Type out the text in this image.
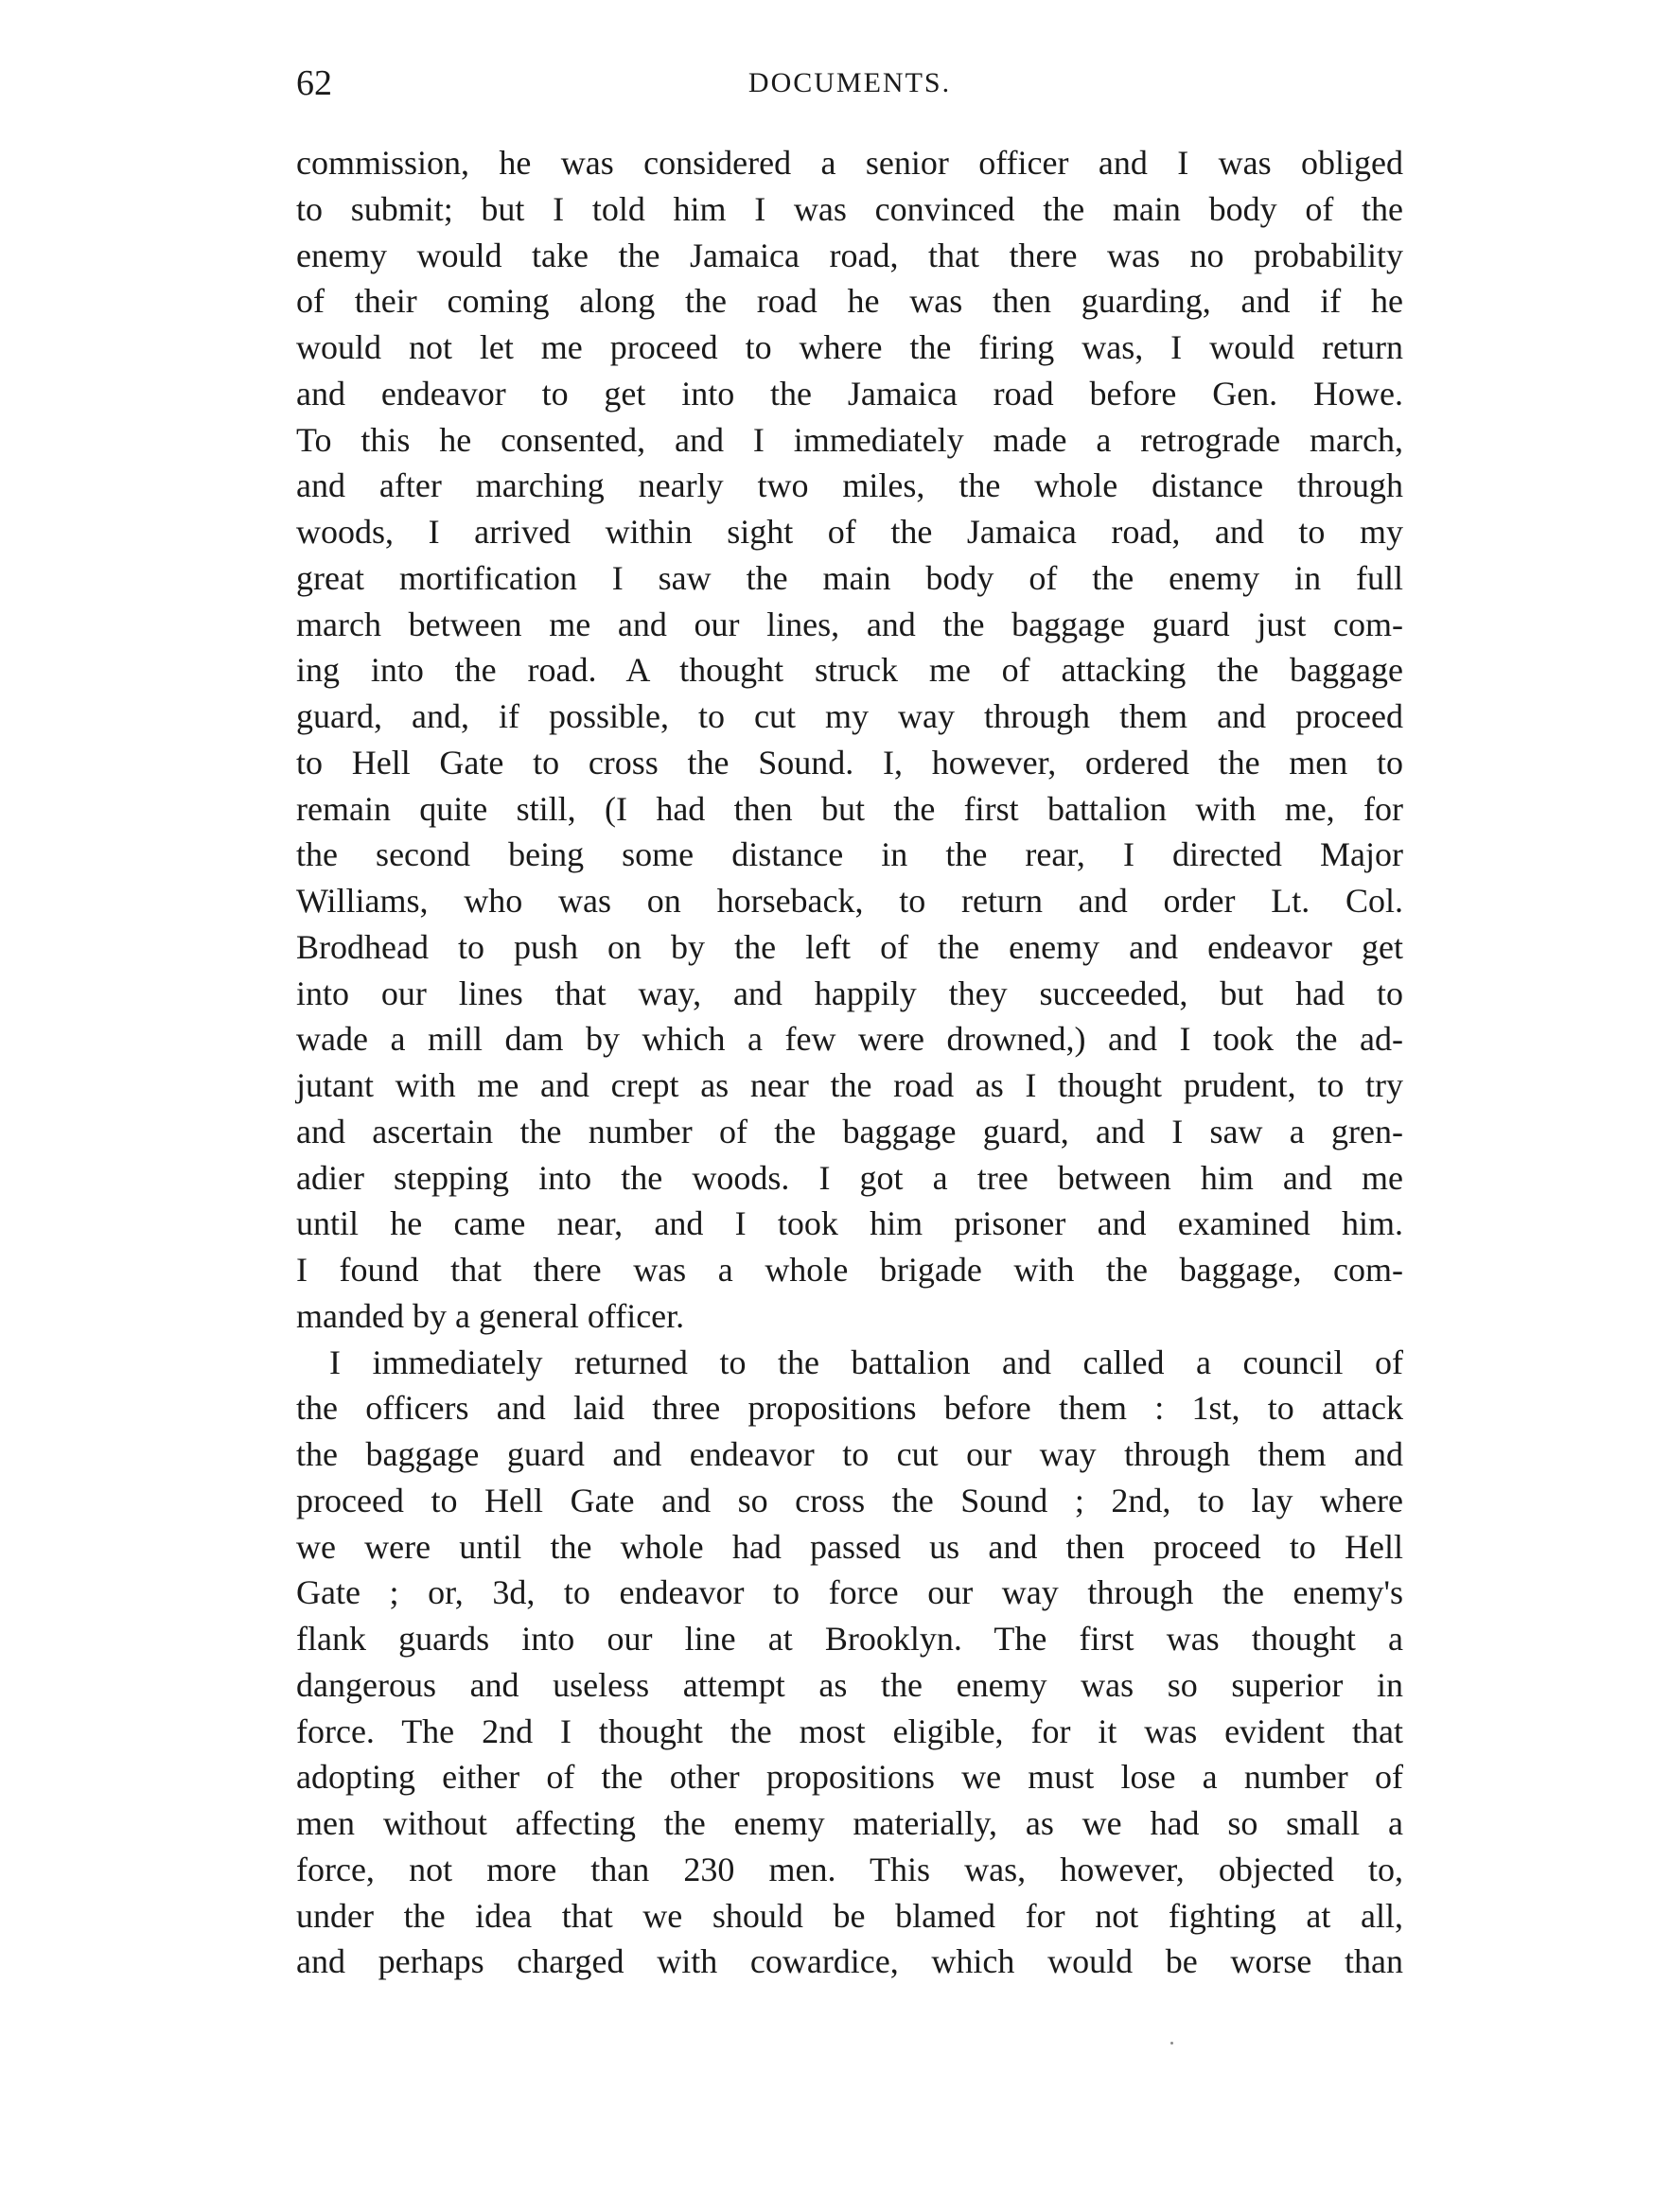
62	DOCUMENTS.
commission, he was considered a senior officer and I was obliged
to submit; but I told him I was convinced the main body of the
enemy would take the Jamaica road, that there was no probability
of their coming along the road he was then guarding, and if he
would not let me proceed to where the firing was, I would return
and endeavor to get into the Jamaica road before Gen. Howe.
To this he consented, and I immediately made a retrograde march,
and after marching nearly two miles, the whole distance through
woods, I arrived within sight of the Jamaica road, and to my
great mortification I saw the main body of the enemy in full
march between me and our lines, and the baggage guard just com-
ing into the road. A thought struck me of attacking the baggage
guard, and, if possible, to cut my way through them and proceed
to Hell Gate to cross the Sound. I, however, ordered the men to
remain quite still, (I had then but the first battalion with me, for
the second being some distance in the rear, I directed Major
Williams, who was on horseback, to return and order Lt. Col.
Brodhead to push on by the left of the enemy and endeavor get
into our lines that way, and happily they succeeded, but had to
wade a mill dam by which a few were drowned,) and I took the ad-
jutant with me and crept as near the road as I thought prudent, to try
and ascertain the number of the baggage guard, and I saw a gren-
adier stepping into the woods. I got a tree between him and me
until he came near, and I took him prisoner and examined him.
I found that there was a whole brigade with the baggage, com-
manded by a general officer.
I immediately returned to the battalion and called a council of
the officers and laid three propositions before them : 1st, to attack
the baggage guard and endeavor to cut our way through them and
proceed to Hell Gate and so cross the Sound ; 2nd, to lay where
we were until the whole had passed us and then proceed to Hell
Gate ; or, 3d, to endeavor to force our way through the enemy's
flank guards into our line at Brooklyn. The first was thought a
dangerous and useless attempt as the enemy was so superior in
force. The 2nd I thought the most eligible, for it was evident that
adopting either of the other propositions we must lose a number of
men without affecting the enemy materially, as we had so small a
force, not more than 230 men. This was, however, objected to,
under the idea that we should be blamed for not fighting at all,
and perhaps charged with cowardice, which would be worse than
